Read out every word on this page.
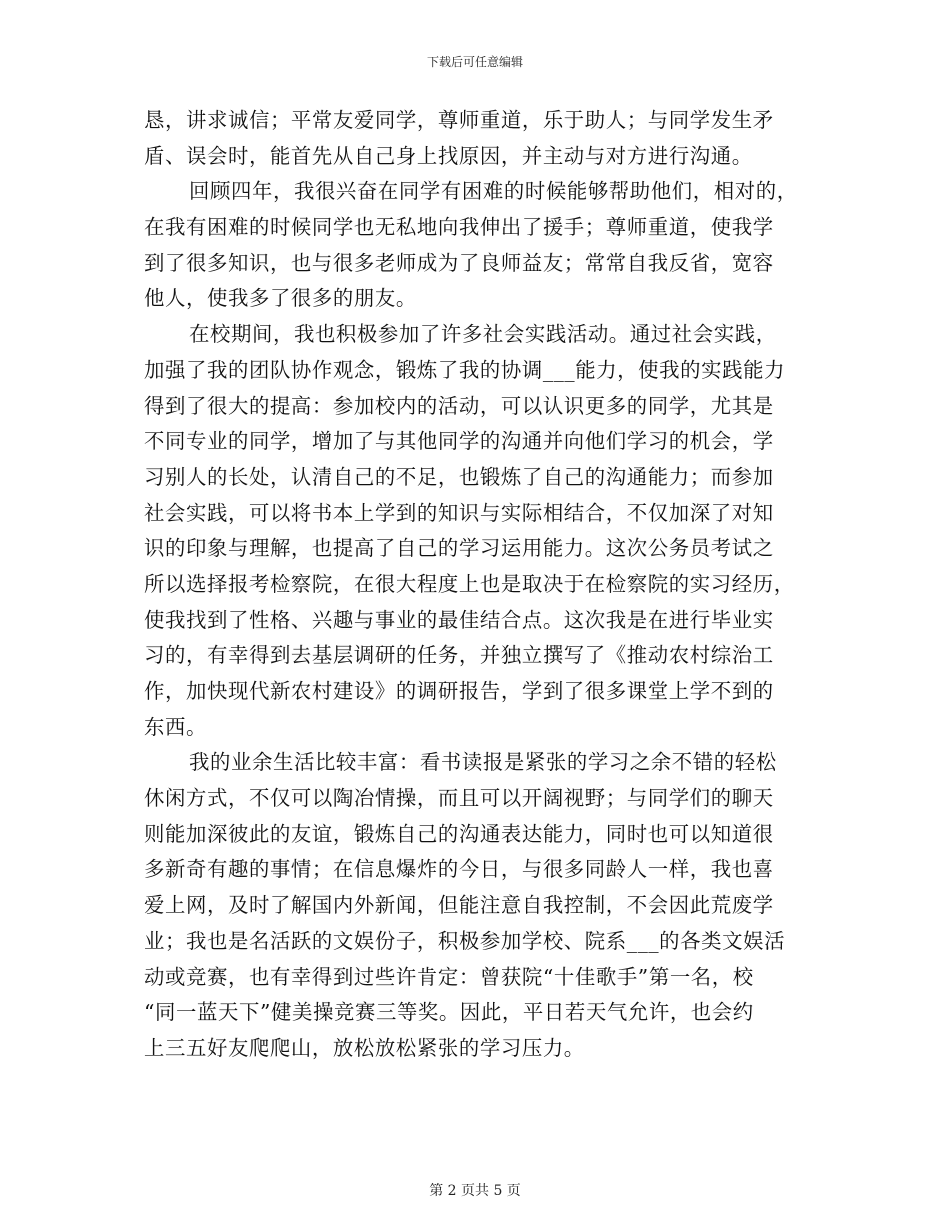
下载后可任意编辑
恳，讲求诚信；平常友爱同学，尊师重道，乐于助人；与同学发生矛
盾、误会时，能首先从自己身上找原因，并主动与对方进行沟通。
回顾四年，我很兴奋在同学有困难的时候能够帮助他们，相对的，
在我有困难的时候同学也无私地向我伸出了援手；尊师重道，使我学
到了很多知识，也与很多老师成为了良师益友；常常自我反省，宽容
他人，使我多了很多的朋友。
在校期间，我也积极参加了许多社会实践活动。通过社会实践，
加强了我的团队协作观念，锻炼了我的协调___能力，使我的实践能力
得到了很大的提高：参加校内的活动，可以认识更多的同学，尤其是
不同专业的同学，增加了与其他同学的沟通并向他们学习的机会，学
习别人的长处，认清自己的不足，也锻炼了自己的沟通能力；而参加
社会实践，可以将书本上学到的知识与实际相结合，不仅加深了对知
识的印象与理解，也提高了自己的学习运用能力。这次公务员考试之
所以选择报考检察院，在很大程度上也是取决于在检察院的实习经历，
使我找到了性格、兴趣与事业的最佳结合点。这次我是在进行毕业实
习的，有幸得到去基层调研的任务，并独立撰写了《推动农村综治工
作，加快现代新农村建设》的调研报告，学到了很多课堂上学不到的
东西。
我的业余生活比较丰富：看书读报是紧张的学习之余不错的轻松
休闲方式，不仅可以陶冶情操，而且可以开阔视野；与同学们的聊天
则能加深彼此的友谊，锻炼自己的沟通表达能力，同时也可以知道很
多新奇有趣的事情；在信息爆炸的今日，与很多同龄人一样，我也喜
爱上网，及时了解国内外新闻，但能注意自我控制，不会因此荒废学
业；我也是名活跃的文娱份子，积极参加学校、院系___的各类文娱活
动或竞赛，也有幸得到过些许肯定：曾获院“十佳歌手”第一名，校
“同一蓝天下”健美操竞赛三等奖。因此，平日若天气允许，也会约
上三五好友爬爬山，放松放松紧张的学习压力。
第 2 页共 5 页
